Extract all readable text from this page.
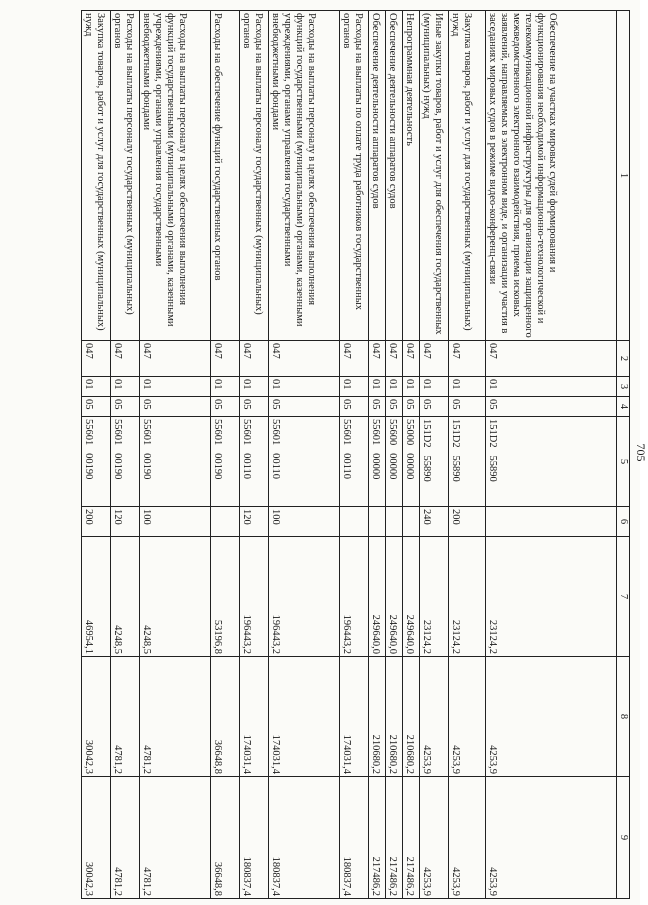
705
1	2	3	4	5	6	7	8	9
Обеспечение на участках мировых судей формирования и функционирования необходимой информационно-технологической и телекоммуникационной инфраструктуры для организации защищенного межведомственного электронного взаимодействия, приема исковых заявлений, направляемых в электронном виде, и организации участия в заседаниях мировых судов в режиме видео-конференц-связи	047	01	05	151D2   55890		23124,2	4253,9	4253,9
Закупка товаров, работ и услуг для государственных (муниципальных) нужд	047	01	05	151D2   55890	200	23124,2	4253,9	4253,9
Иные закупки товаров, работ и услуг для обеспечения государственных (муниципальных) нужд	047	01	05	151D2   55890	240	23124,2	4253,9	4253,9
Непрограммная деятельность	047	01	05	55000   00000		249640,0	210680,2	217486,2
Обеспечение деятельности аппаратов судов	047	01	05	55600   00000		249640,0	210680,2	217486,2
Обеспечение деятельности аппаратов судов	047	01	05	55601   00000		249640,0	210680,2	217486,2
Расходы на выплаты по оплате труда работников государственных органов	047	01	05	55601   00110		196443,2	174031,4	180837,4
Расходы на выплаты персоналу в целях обеспечения выполнения функций государственными (муниципальными) органами, казенными учреждениями, органами управления государственными внебюджетными фондами	047	01	05	55601   00110	100	196443,2	174031,4	180837,4
Расходы на выплаты персоналу государственных (муниципальных) органов	047	01	05	55601   00110	120	196443,2	174031,4	180837,4
Расходы на обеспечение функций государственных органов	047	01	05	55601   00190		53196,8	36648,8	36648,8
Расходы на выплаты персоналу в целях обеспечения выполнения функций государственными (муниципальными) органами, казенными учреждениями, органами управления государственными внебюджетными фондами	047	01	05	55601   00190	100	4248,5	4781,2	4781,2
Расходы на выплаты персоналу государственных (муниципальных) органов	047	01	05	55601   00190	120	4248,5	4781,2	4781,2
Закупка товаров, работ и услуг для государственных (муниципальных) нужд	047	01	05	55601   00190	200	46954,1	30042,3	30042,3
